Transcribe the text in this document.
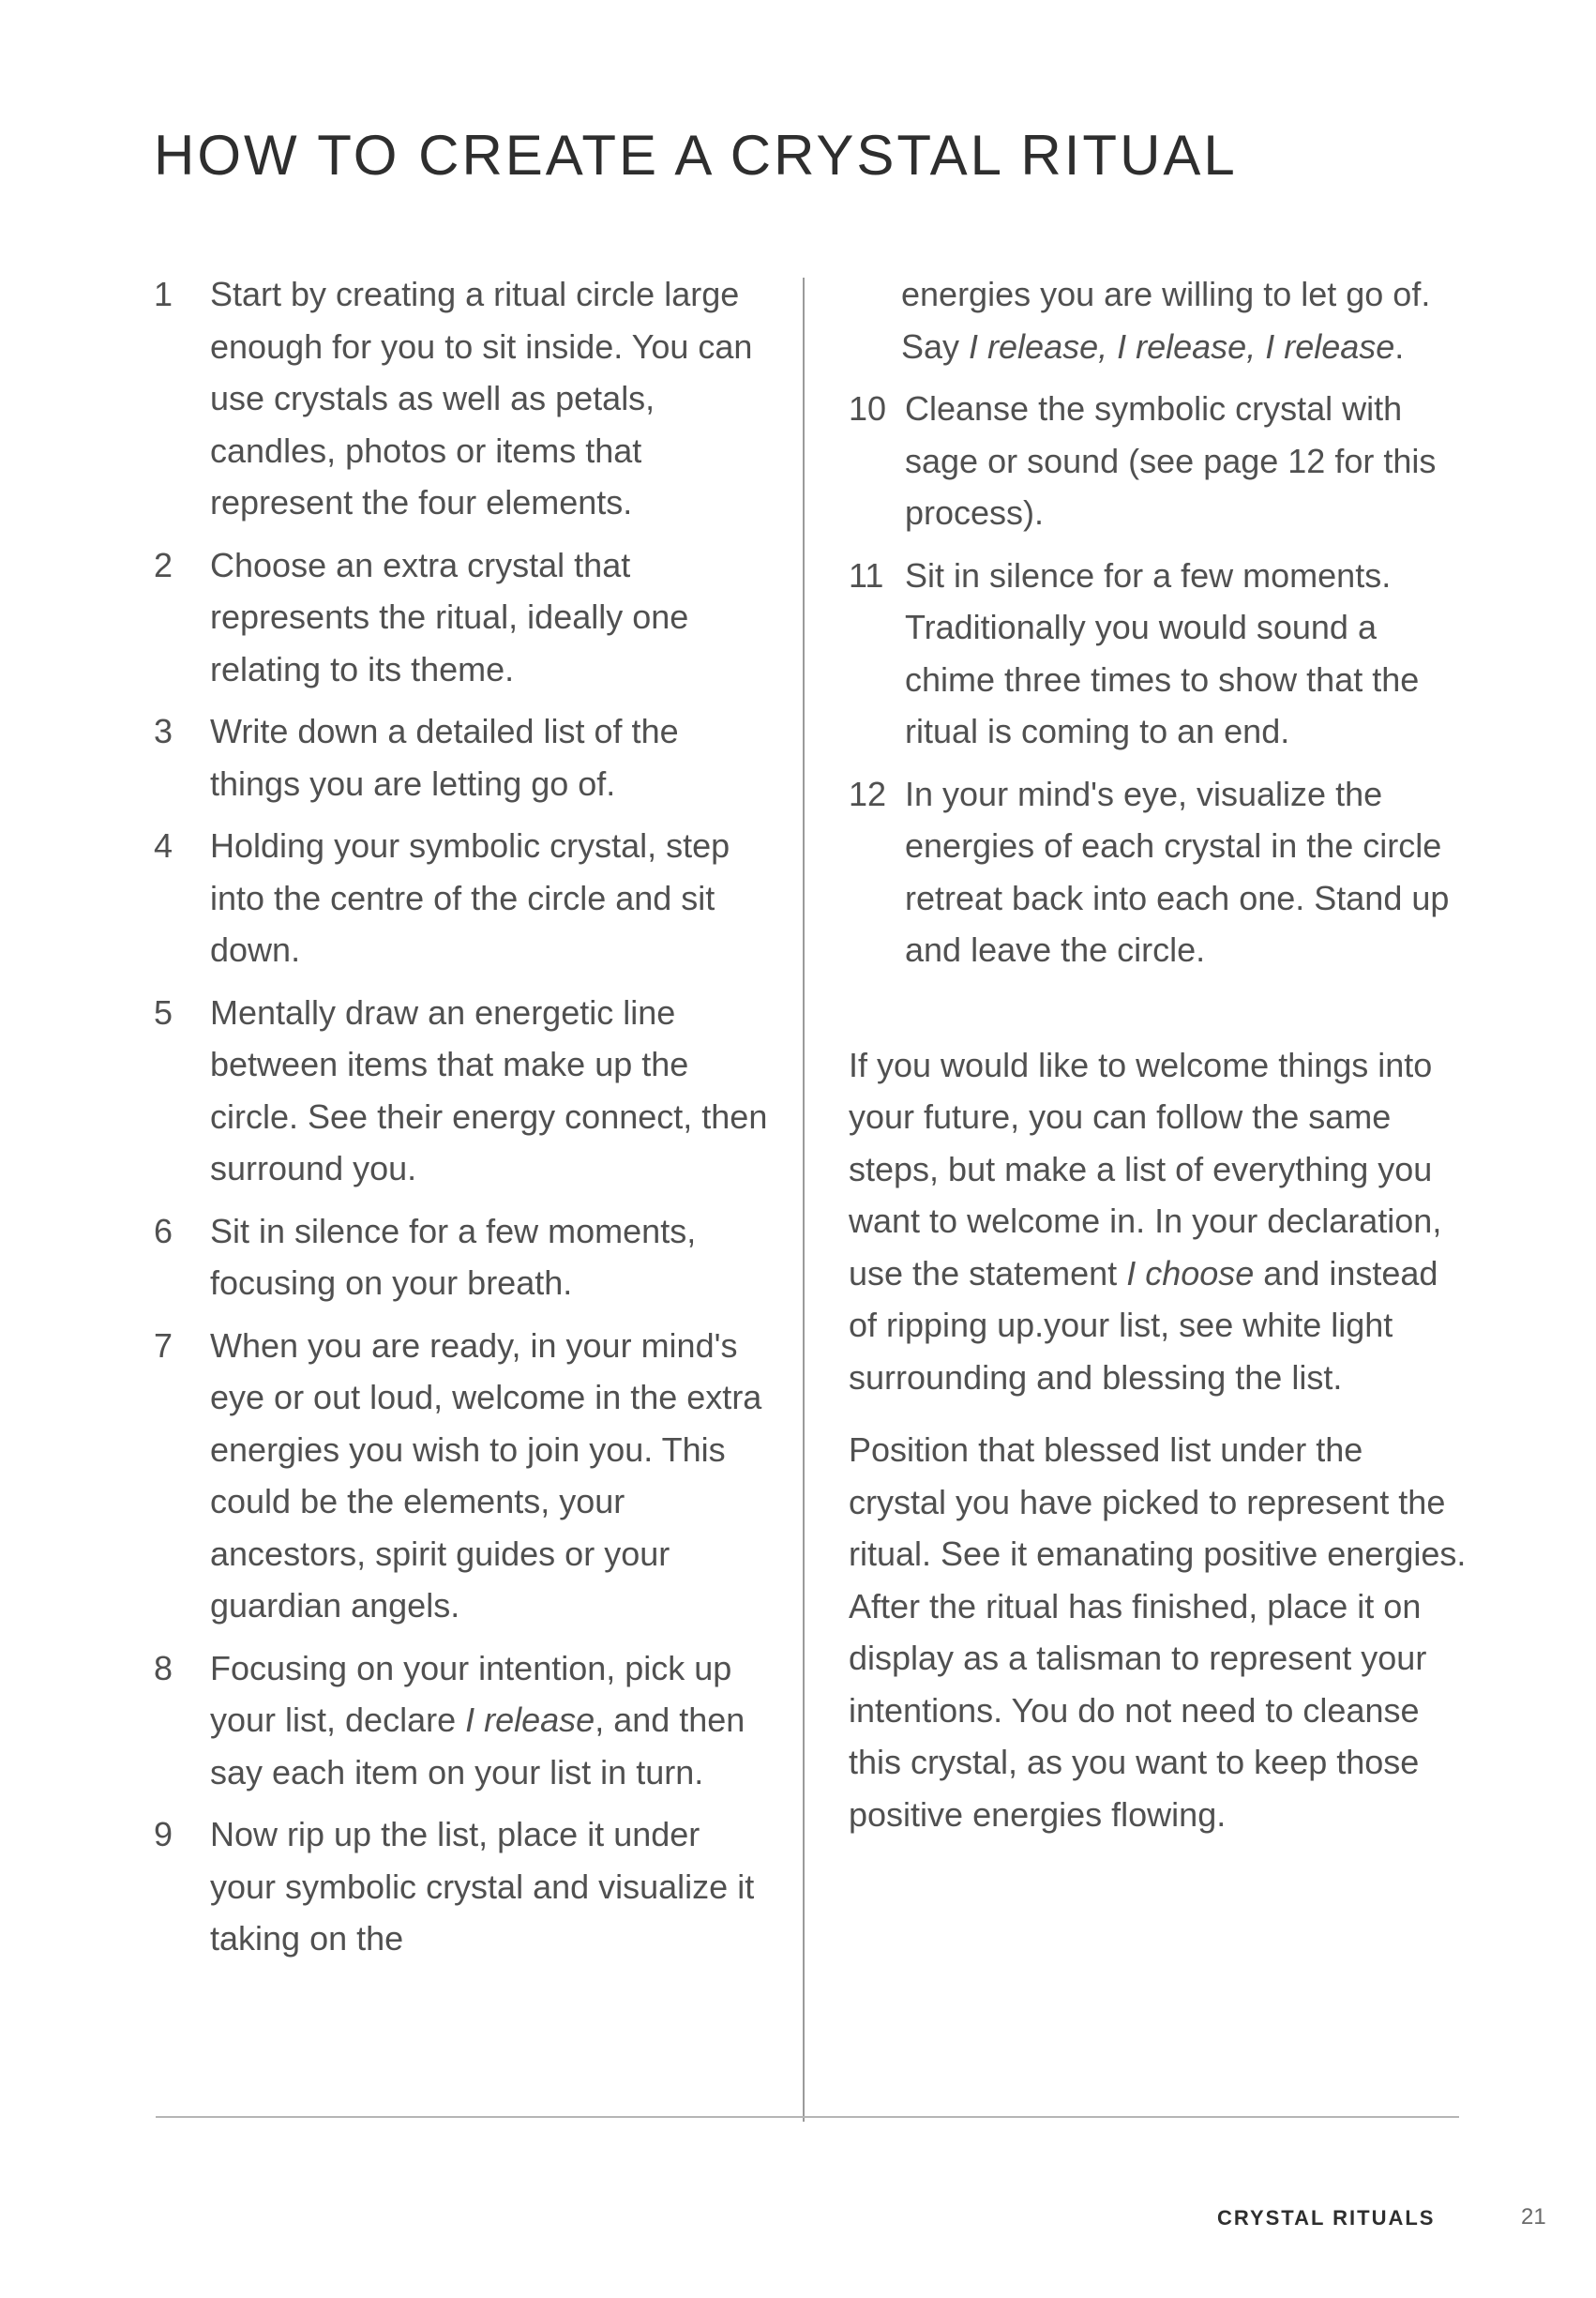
HOW TO CREATE A CRYSTAL RITUAL
1	Start by creating a ritual circle large enough for you to sit inside. You can use crystals as well as petals, candles, photos or items that represent the four elements.
2	Choose an extra crystal that represents the ritual, ideally one relating to its theme.
3	Write down a detailed list of the things you are letting go of.
4	Holding your symbolic crystal, step into the centre of the circle and sit down.
5	Mentally draw an energetic line between items that make up the circle. See their energy connect, then surround you.
6	Sit in silence for a few moments, focusing on your breath.
7	When you are ready, in your mind's eye or out loud, welcome in the extra energies you wish to join you. This could be the elements, your ancestors, spirit guides or your guardian angels.
8	Focusing on your intention, pick up your list, declare I release, and then say each item on your list in turn.
9	Now rip up the list, place it under your symbolic crystal and visualize it taking on the
energies you are willing to let go of. Say I release, I release, I release.
10 Cleanse the symbolic crystal with sage or sound (see page 12 for this process).
11 Sit in silence for a few moments. Traditionally you would sound a chime three times to show that the ritual is coming to an end.
12 In your mind's eye, visualize the energies of each crystal in the circle retreat back into each one. Stand up and leave the circle.

If you would like to welcome things into your future, you can follow the same steps, but make a list of everything you want to welcome in. In your declaration, use the statement I choose and instead of ripping up.your list, see white light surrounding and blessing the list.

Position that blessed list under the crystal you have picked to represent the ritual. See it emanating positive energies. After the ritual has finished, place it on display as a talisman to represent your intentions. You do not need to cleanse this crystal, as you want to keep those positive energies flowing.

CRYSTAL RITUALS	21
